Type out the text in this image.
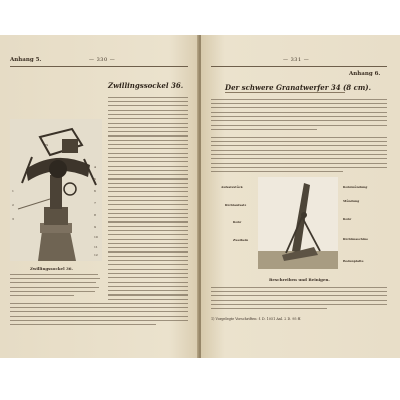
Anhang 5.	— 330 —
ZS
1
2
3
4
5
6
7
8
9
10
11
12
Zwillingssockel 36.
Zwillingssockel 36.
— 331 —
Anhang 6.
Der schwere Granatwerfer 34 (8 cm).
Aufsatzstück
Richtaufsatz
Rohr
Zweibein
Rohrmündung
Mündung
Rohr
Richtmaschine
Bodenplatte
Beschreiben und Reinigen.
1) Vorgelegte Vorschriften: f. D. 1051 Anl. 2 D. 95 ff.
